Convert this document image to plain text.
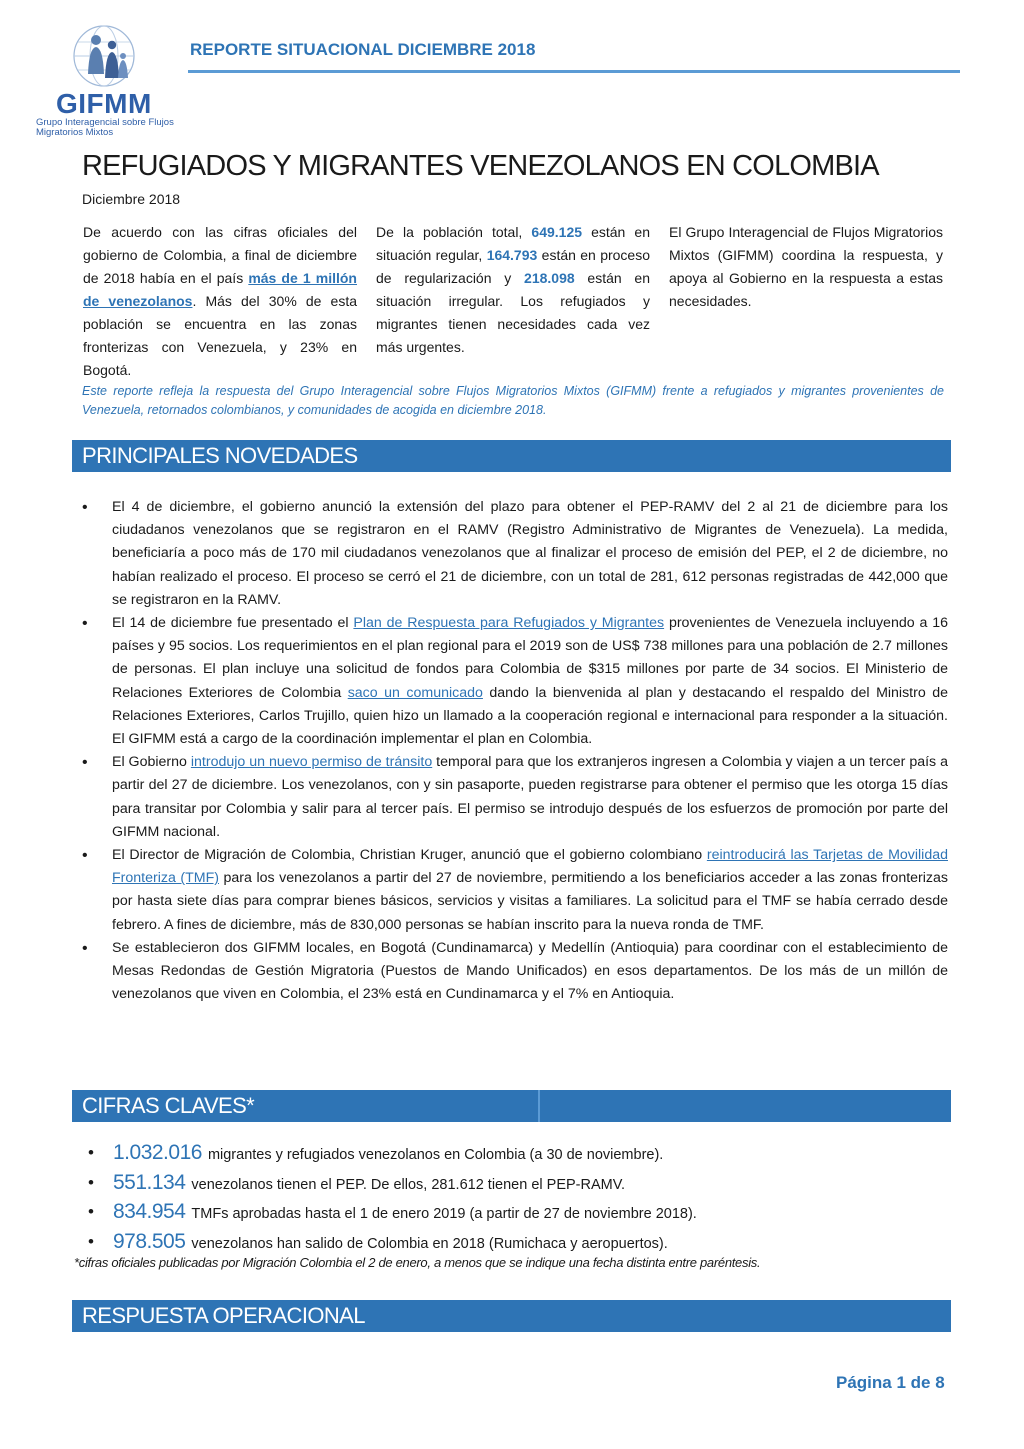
GIFMM
Grupo Interagencial sobre Flujos Migratorios Mixtos
REPORTE SITUACIONAL DICIEMBRE 2018
REFUGIADOS Y MIGRANTES VENEZOLANOS EN COLOMBIA
Diciembre 2018
De acuerdo con las cifras oficiales del gobierno de Colombia, a final de diciembre de 2018 había en el país más de 1 millón de venezolanos. Más del 30% de esta población se encuentra en las zonas fronterizas con Venezuela, y 23% en Bogotá.
De la población total, 649.125 están en situación regular, 164.793 están en proceso de regularización y 218.098 están en situación irregular. Los refugiados y migrantes tienen necesidades cada vez más urgentes.
El Grupo Interagencial de Flujos Migratorios Mixtos (GIFMM) coordina la respuesta, y apoya al Gobierno en la respuesta a estas necesidades.
Este reporte refleja la respuesta del Grupo Interagencial sobre Flujos Migratorios Mixtos (GIFMM) frente a refugiados y migrantes provenientes de Venezuela, retornados colombianos, y comunidades de acogida en diciembre 2018.
PRINCIPALES NOVEDADES
• El 4 de diciembre, el gobierno anunció la extensión del plazo para obtener el PEP-RAMV del 2 al 21 de diciembre para los ciudadanos venezolanos que se registraron en el RAMV (Registro Administrativo de Migrantes de Venezuela). La medida, beneficiaría a poco más de 170 mil ciudadanos venezolanos que al finalizar el proceso de emisión del PEP, el 2 de diciembre, no habían realizado el proceso. El proceso se cerró el 21 de diciembre, con un total de 281, 612 personas registradas de 442,000 que se registraron en la RAMV.
• El 14 de diciembre fue presentado el Plan de Respuesta para Refugiados y Migrantes provenientes de Venezuela incluyendo a 16 países y 95 socios. Los requerimientos en el plan regional para el 2019 son de US$ 738 millones para una población de 2.7 millones de personas. El plan incluye una solicitud de fondos para Colombia de $315 millones por parte de 34 socios. El Ministerio de Relaciones Exteriores de Colombia saco un comunicado dando la bienvenida al plan y destacando el respaldo del Ministro de Relaciones Exteriores, Carlos Trujillo, quien hizo un llamado a la cooperación regional e internacional para responder a la situación. El GIFMM está a cargo de la coordinación implementar el plan en Colombia.
• El Gobierno introdujo un nuevo permiso de tránsito temporal para que los extranjeros ingresen a Colombia y viajen a un tercer país a partir del 27 de diciembre. Los venezolanos, con y sin pasaporte, pueden registrarse para obtener el permiso que les otorga 15 días para transitar por Colombia y salir para al tercer país. El permiso se introdujo después de los esfuerzos de promoción por parte del GIFMM nacional.
• El Director de Migración de Colombia, Christian Kruger, anunció que el gobierno colombiano reintroducirá las Tarjetas de Movilidad Fronteriza (TMF) para los venezolanos a partir del 27 de noviembre, permitiendo a los beneficiarios acceder a las zonas fronterizas por hasta siete días para comprar bienes básicos, servicios y visitas a familiares. La solicitud para el TMF se había cerrado desde febrero. A fines de diciembre, más de 830,000 personas se habían inscrito para la nueva ronda de TMF.
• Se establecieron dos GIFMM locales, en Bogotá (Cundinamarca) y Medellín (Antioquia) para coordinar con el establecimiento de Mesas Redondas de Gestión Migratoria (Puestos de Mando Unificados) en esos departamentos. De los más de un millón de venezolanos que viven en Colombia, el 23% está en Cundinamarca y el 7% en Antioquia.
CIFRAS CLAVES*
• 1.032.016 migrantes y refugiados venezolanos en Colombia (a 30 de noviembre).
• 551.134 venezolanos tienen el PEP. De ellos, 281.612 tienen el PEP-RAMV.
• 834.954 TMFs aprobadas hasta el 1 de enero 2019 (a partir de 27 de noviembre 2018).
• 978.505 venezolanos han salido de Colombia en 2018 (Rumichaca y aeropuertos).
*cifras oficiales publicadas por Migración Colombia el 2 de enero, a menos que se indique una fecha distinta entre paréntesis.
RESPUESTA OPERACIONAL
Página 1 de 8
